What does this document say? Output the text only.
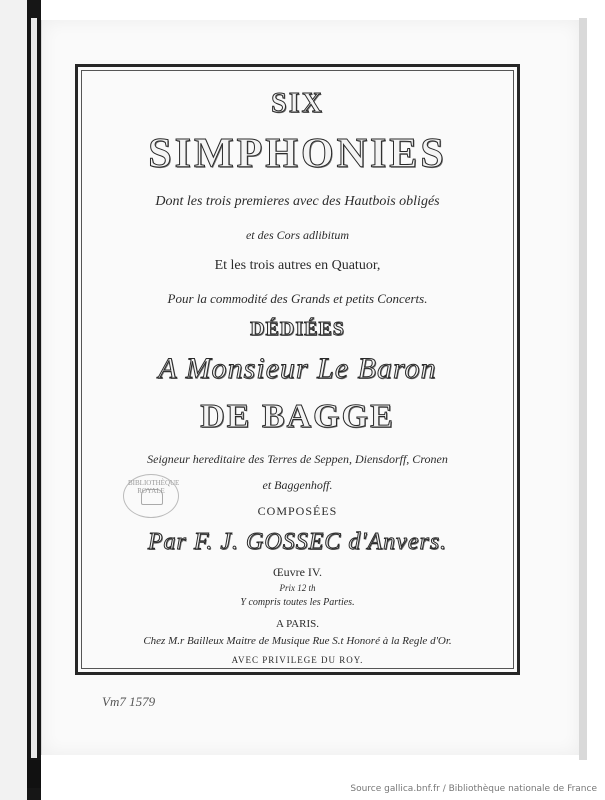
SIX
SIMPHONIES
Dont les trois premieres avec des Hautbois obligés
et des Cors adlibitum
Et les trois autres en Quatuor,
Pour la commodité des Grands et petits Concerts.
DÉDIÉES
A Monsieur Le Baron
DE BAGGE
Seigneur hereditaire des Terres de Seppen, Diensdorff, Cronen
et Baggenhoff.
COMPOSÉES
Par F. J. GOSSEC d'Anvers.
Œuvre IV.
Prix 12 th
Y compris toutes les Parties.
A PARIS.
Chez M.r Bailleux Maitre de Musique Rue S.t Honoré à la Regle d'Or.
AVEC PRIVILEGE DU ROY.
BIBLIOTHÈQUE ROYALE
Vm7 1579
Source gallica.bnf.fr / Bibliothèque nationale de France
